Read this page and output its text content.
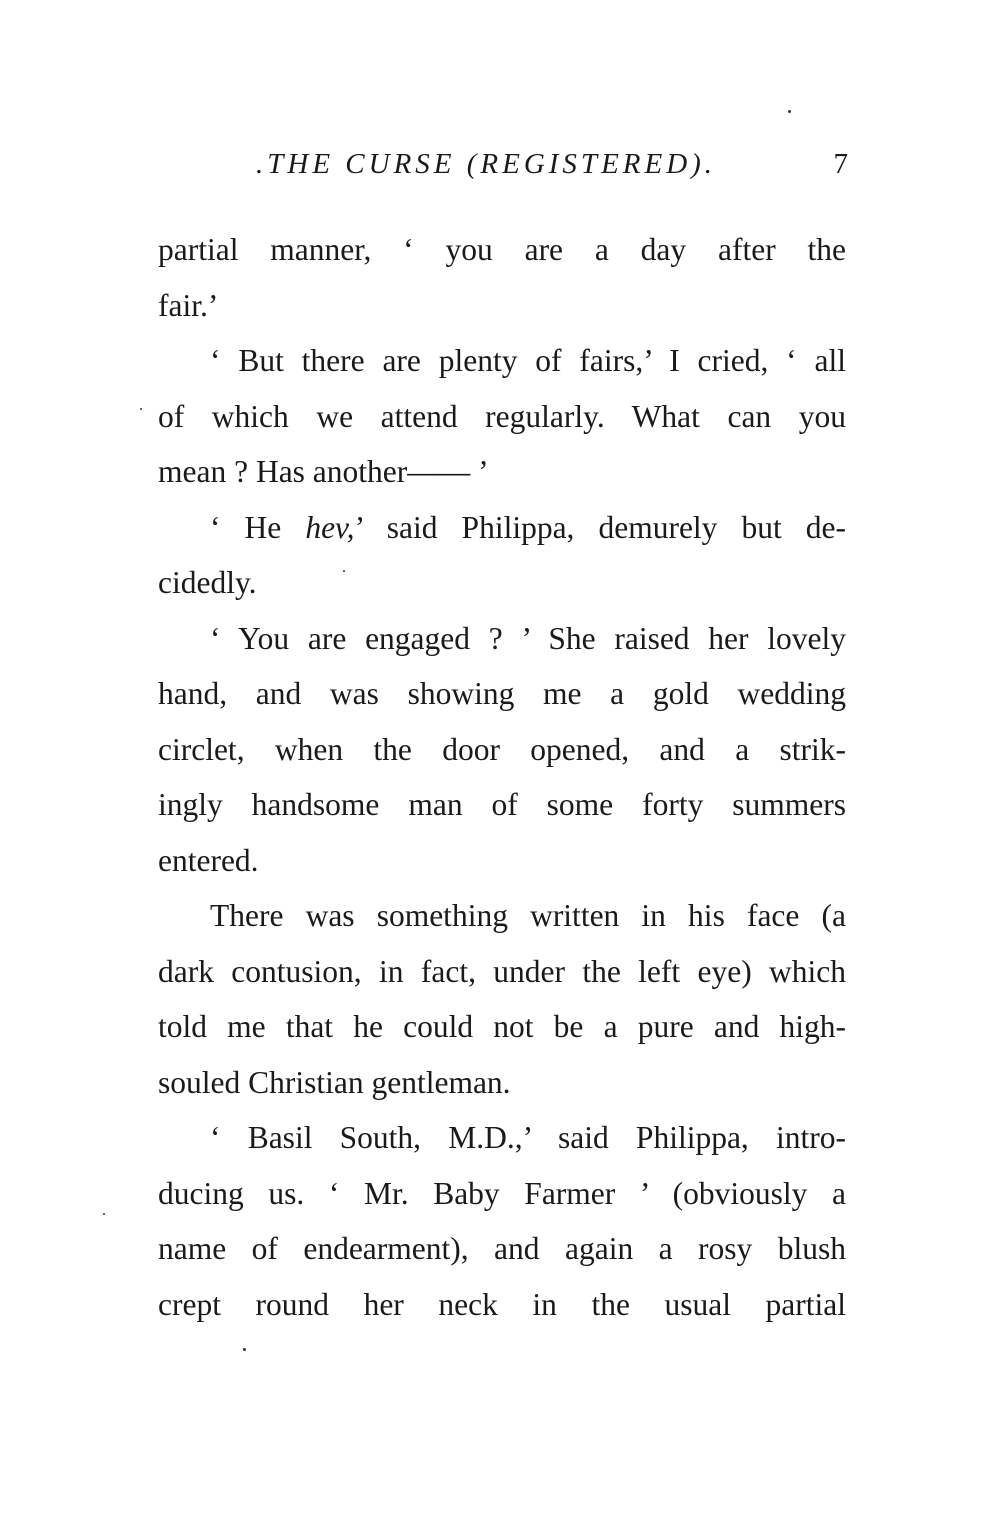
.THE CURSE (REGISTERED).	7
partial manner, ‘ you are a day after the
fair.’
‘ But there are plenty of fairs,’ I cried, ‘ all
of which we attend regularly. What can you
mean ? Has another—— ’
‘ He hev,’ said Philippa, demurely but de-
cidedly.
‘ You are engaged ? ’ She raised her lovely
hand, and was showing me a gold wedding
circlet, when the door opened, and a strik-
ingly handsome man of some forty summers
entered.
There was something written in his face (a
dark contusion, in fact, under the left eye) which
told me that he could not be a pure and high-
souled Christian gentleman.
‘ Basil South, M.D.,’ said Philippa, intro-
ducing us. ‘ Mr. Baby Farmer ’ (obviously a
name of endearment), and again a rosy blush
crept round her neck in the usual partial
